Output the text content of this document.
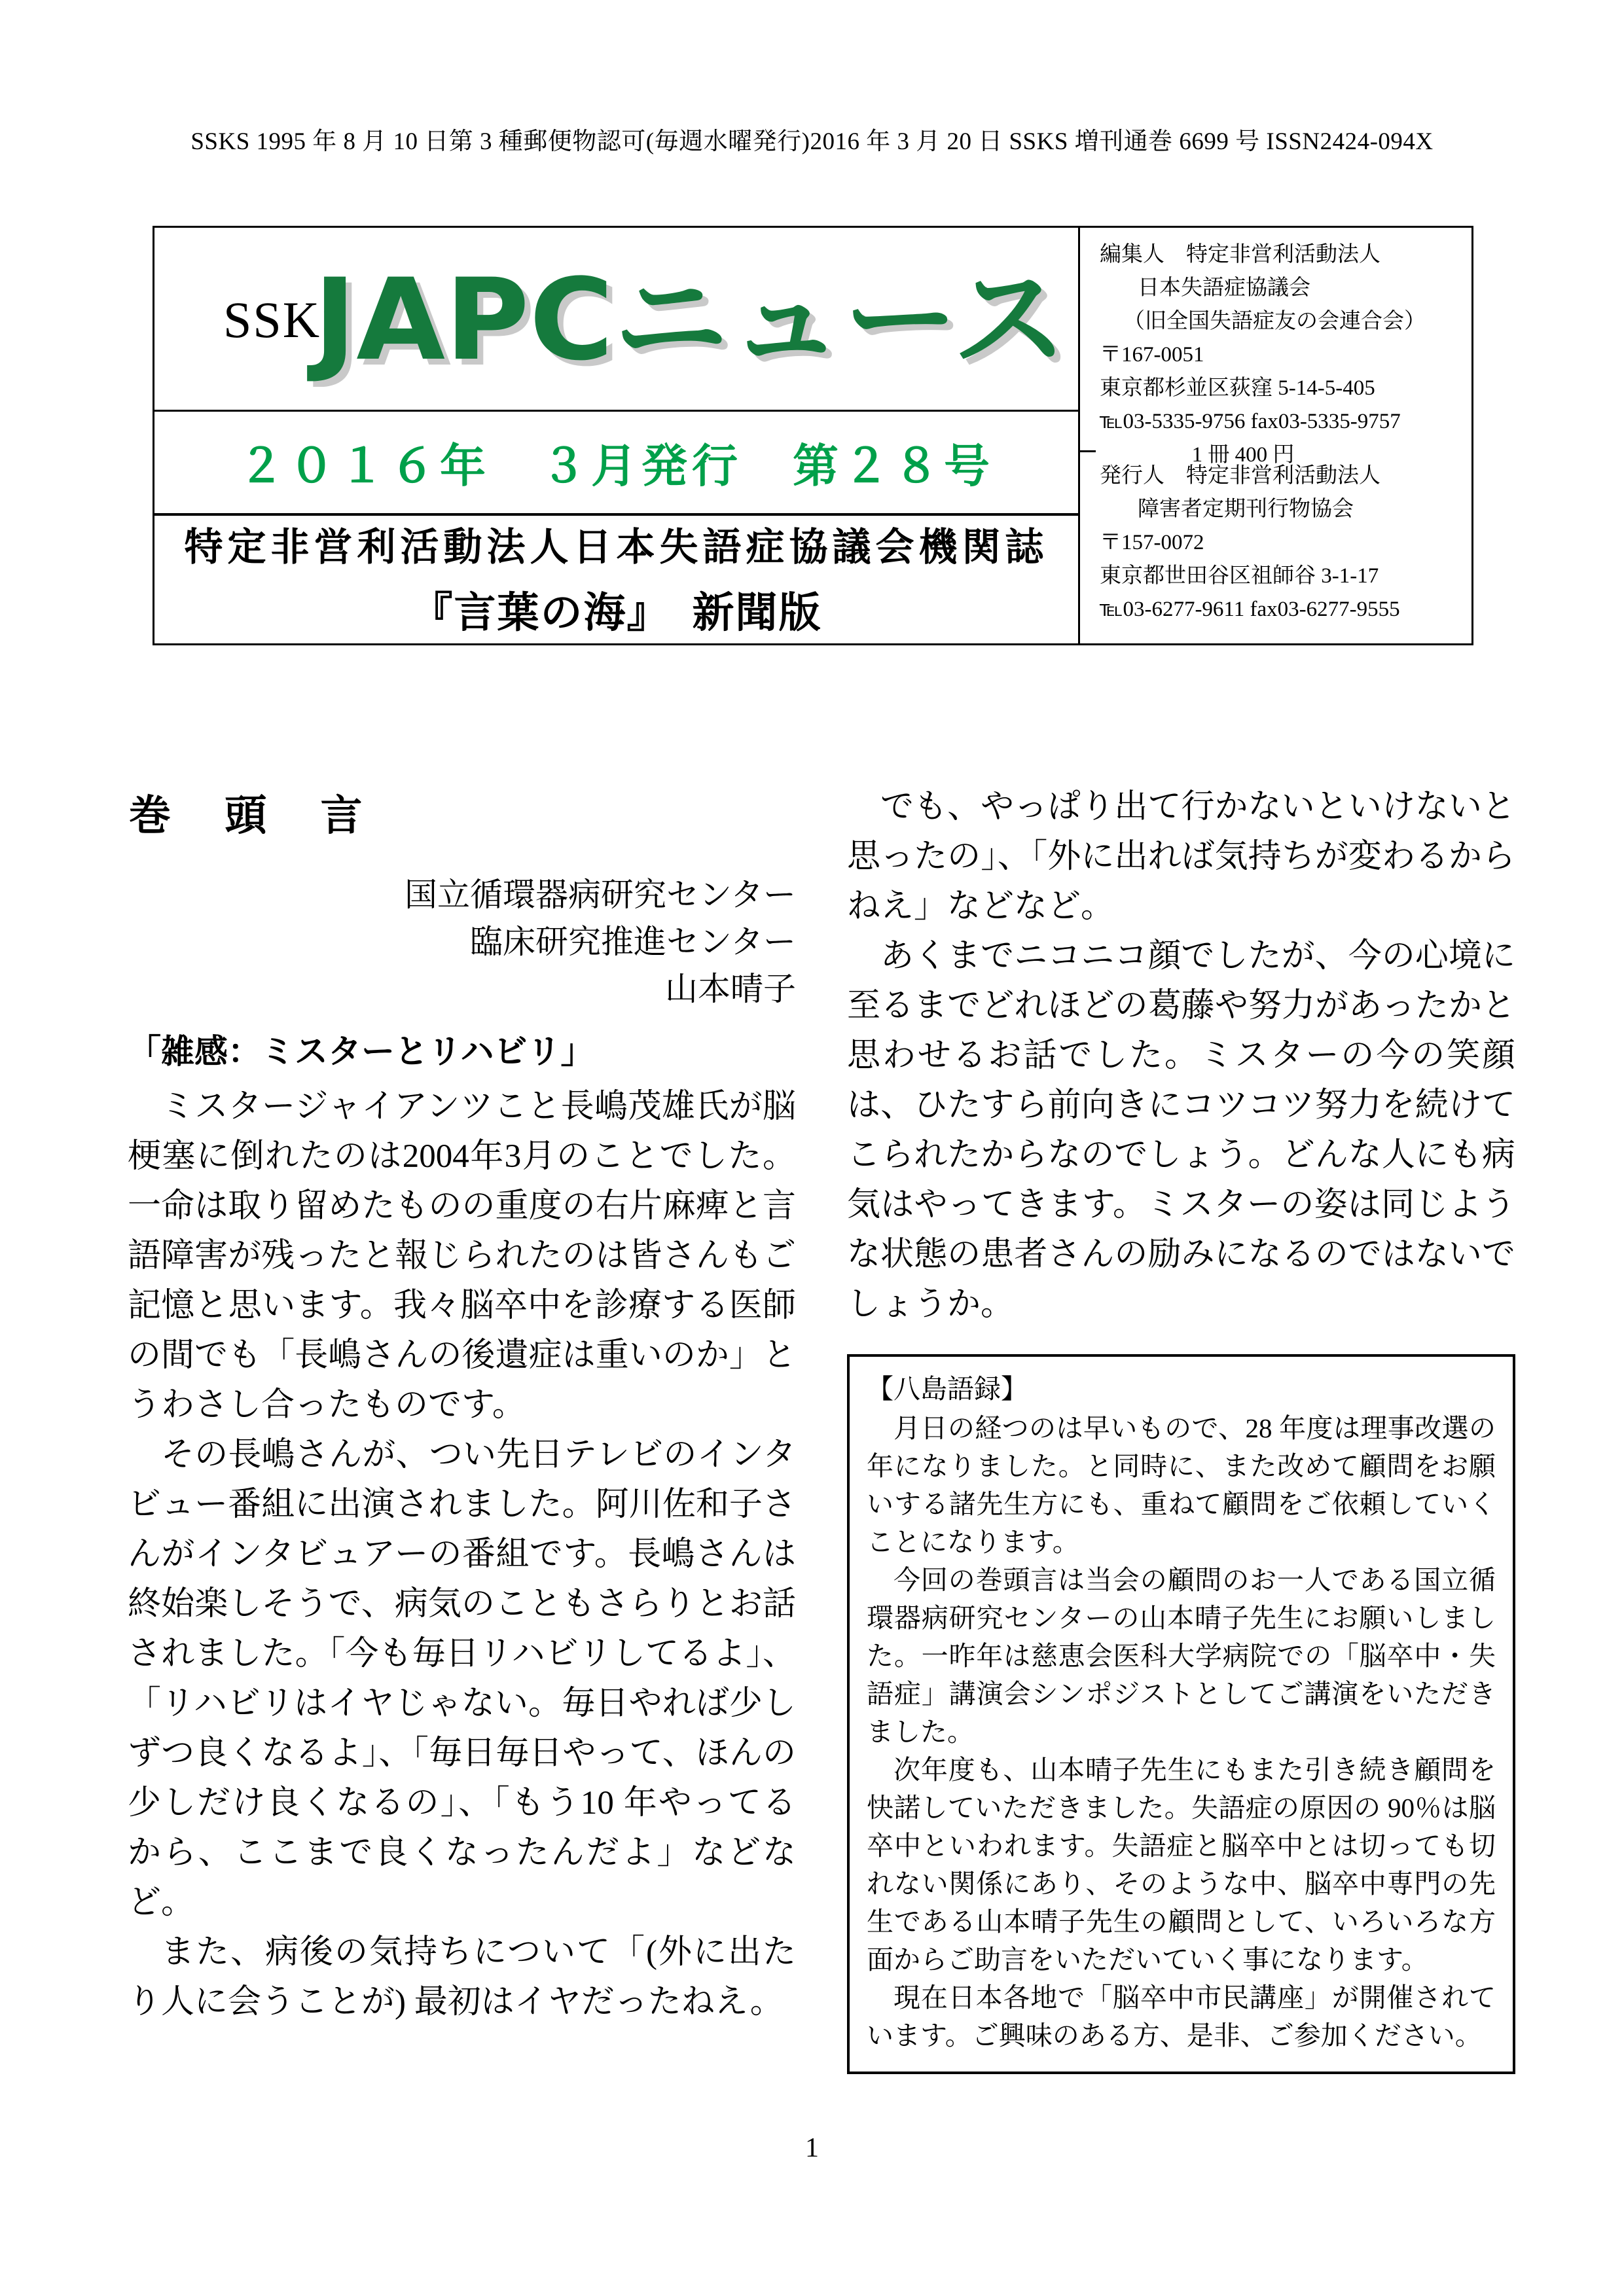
SSKS 1995 年 8 月 10 日第 3 種郵便物認可(毎週水曜発行)2016 年 3 月 20 日 SSKS 増刊通巻 6699 号 ISSN2424-094X
SSKS
JAPCニュース
２０１６年　３月発行　第２８号
特定非営利活動法人日本失語症協議会機関誌
『言葉の海』　新聞版
編集人　特定非営利活動法人
日本失語症協議会
（旧全国失語症友の会連合会）
〒167-0051
東京都杉並区荻窪 5-14-5-405
℡03-5335-9756 fax03-5335-9757
1 冊 400 円
発行人　特定非営利活動法人
障害者定期刊行物協会
〒157-0072
東京都世田谷区祖師谷 3-1-17
℡03-6277-9611 fax03-6277-9555
巻 頭 言
国立循環器病研究センター
臨床研究推進センター
山本晴子
「雑感：ミスターとリハビリ」

ミスタージャイアンツこと長嶋茂雄氏が脳梗塞に倒れたのは2004年3月のことでした。一命は取り留めたものの重度の右片麻痺と言語障害が残ったと報じられたのは皆さんもご記憶と思います。我々脳卒中を診療する医師の間でも「長嶋さんの後遺症は重いのか」とうわさし合ったものです。

その長嶋さんが、つい先日テレビのインタビュー番組に出演されました。阿川佐和子さんがインタビュアーの番組です。長嶋さんは終始楽しそうで、病気のこともさらりとお話されました。「今も毎日リハビリしてるよ」、「リハビリはイヤじゃない。毎日やれば少しずつ良くなるよ」、「毎日毎日やって、ほんの少しだけ良くなるの」、「もう10 年やってるから、ここまで良くなったんだよ」などなど。

また、病後の気持ちについて「(外に出たり人に会うことが) 最初はイヤだったねえ。

でも、やっぱり出て行かないといけないと思ったの」、「外に出れば気持ちが変わるからねえ」などなど。

あくまでニコニコ顔でしたが、今の心境に至るまでどれほどの葛藤や努力があったかと思わせるお話でした。ミスターの今の笑顔は、ひたすら前向きにコツコツ努力を続けてこられたからなのでしょう。どんな人にも病気はやってきます。ミスターの姿は同じような状態の患者さんの励みになるのではないでしょうか。

【八島語録】

月日の経つのは早いもので、28 年度は理事改選の年になりました。と同時に、また改めて顧問をお願いする諸先生方にも、重ねて顧問をご依頼していくことになります。

今回の巻頭言は当会の顧問のお一人である国立循環器病研究センターの山本晴子先生にお願いしました。一昨年は慈恵会医科大学病院での「脳卒中・失語症」講演会シンポジストとしてご講演をいただきました。

次年度も、山本晴子先生にもまた引き続き顧問を快諾していただきました。失語症の原因の 90％は脳卒中といわれます。失語症と脳卒中とは切っても切れない関係にあり、そのような中、脳卒中専門の先生である山本晴子先生の顧問として、いろいろな方面からご助言をいただいていく事になります。

現在日本各地で「脳卒中市民講座」が開催されています。ご興味のある方、是非、ご参加ください。

1
